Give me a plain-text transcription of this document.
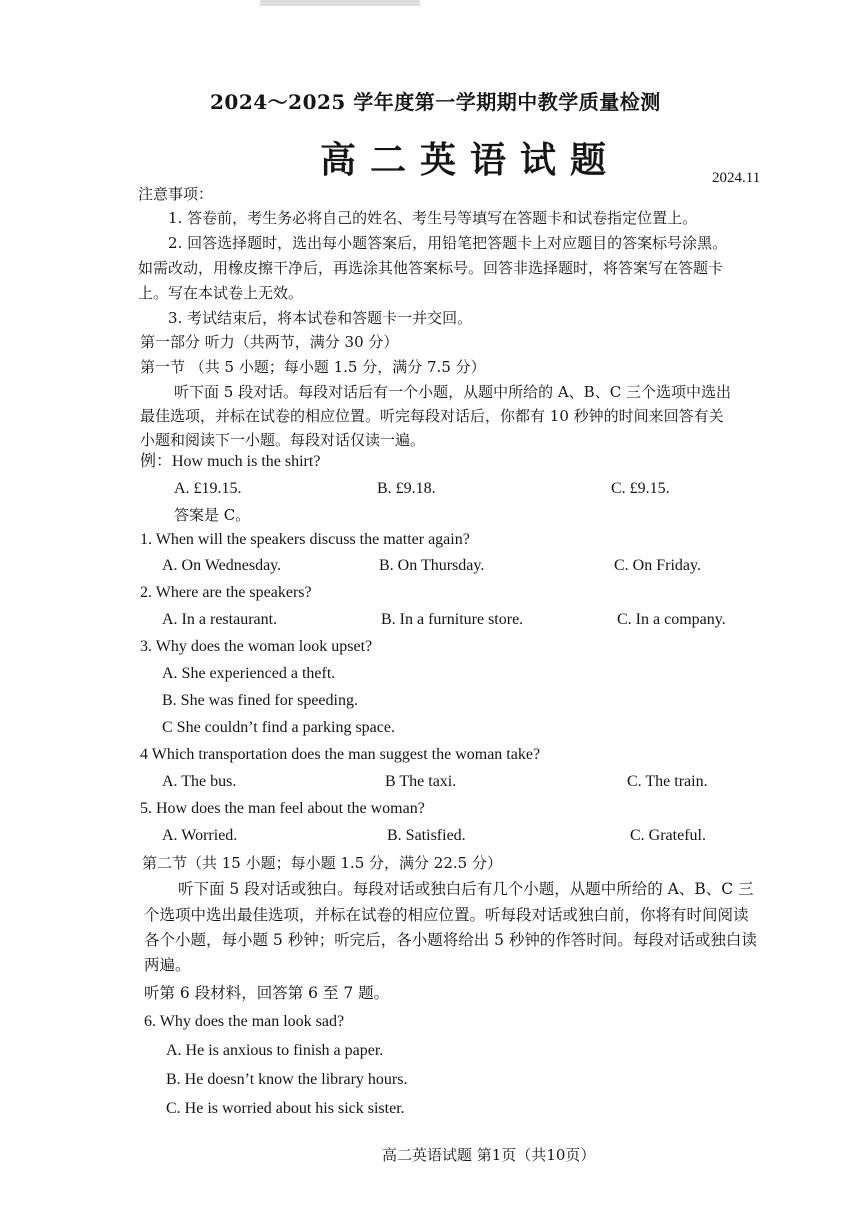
2024～2025 学年度第一学期期中教学质量检测
高二英语试题	2024.11
注意事项：
1. 答卷前，考生务必将自己的姓名、考生号等填写在答题卡和试卷指定位置上。
2. 回答选择题时，选出每小题答案后，用铅笔把答题卡上对应题目的答案标号涂黑。
如需改动，用橡皮擦干净后，再选涂其他答案标号。回答非选择题时，将答案写在答题卡
上。写在本试卷上无效。
3. 考试结束后，将本试卷和答题卡一并交回。
第一部分 听力（共两节，满分 30 分）
第一节 （共 5 小题；每小题 1.5 分，满分 7.5 分）
听下面 5 段对话。每段对话后有一个小题，从题中所给的 A、B、C 三个选项中选出
最佳选项，并标在试卷的相应位置。听完每段对话后，你都有 10 秒钟的时间来回答有关
小题和阅读下一小题。每段对话仅读一遍。
例：How much is the shirt?
A. £19.15.	B. £9.18.	C. £9.15.
答案是 C。
1. When will the speakers discuss the matter again?
A. On Wednesday.	B. On Thursday.	C. On Friday.
2. Where are the speakers?
A. In a restaurant.	B. In a furniture store.	C. In a company.
3. Why does the woman look upset?
A. She experienced a theft.
B. She was fined for speeding.
C She couldn’t find a parking space.
4 Which transportation does the man suggest the woman take?
A. The bus.	B The taxi.	C. The train.
5. How does the man feel about the woman?
A. Worried.	B. Satisfied.	C. Grateful.
第二节（共 15 小题；每小题 1.5 分，满分 22.5 分）
听下面 5 段对话或独白。每段对话或独白后有几个小题，从题中所给的 A、B、C 三
个选项中选出最佳选项，并标在试卷的相应位置。听每段对话或独白前，你将有时间阅读
各个小题，每小题 5 秒钟；听完后，各小题将给出 5 秒钟的作答时间。每段对话或独白读
两遍。
听第 6 段材料，回答第 6 至 7 题。
6. Why does the man look sad?
A. He is anxious to finish a paper.
B. He doesn’t know the library hours.
C. He is worried about his sick sister.
高二英语试题 第1页（共10页）
